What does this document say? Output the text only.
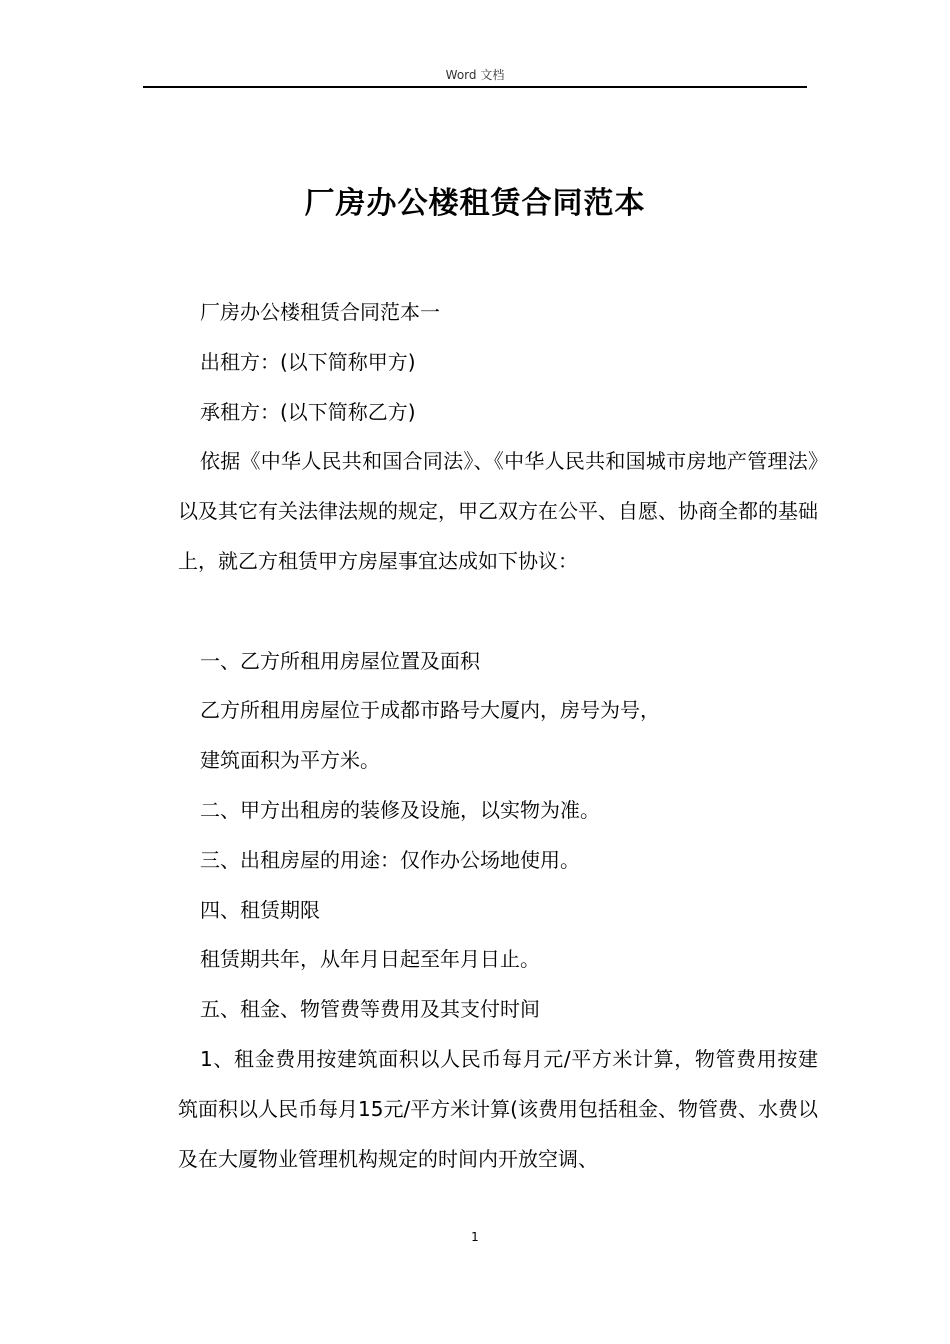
Word 文档
厂房办公楼租赁合同范本

厂房办公楼租赁合同范本一

出租方：(以下简称甲方)

承租方：(以下简称乙方)

依据《中华人民共和国合同法》、《中华人民共和国城市房地产管理法》以及其它有关法律法规的规定，甲乙双方在公平、自愿、协商全都的基础上，就乙方租赁甲方房屋事宜达成如下协议：

一、乙方所租用房屋位置及面积

乙方所租用房屋位于成都市路号大厦内，房号为号，

建筑面积为平方米。

二、甲方出租房的装修及设施，以实物为准。

三、出租房屋的用途：仅作办公场地使用。

四、租赁期限

租赁期共年，从年月日起至年月日止。

五、租金、物管费等费用及其支付时间

1、租金费用按建筑面积以人民币每月元/平方米计算，物管费用按建筑面积以人民币每月15元/平方米计算(该费用包括租金、物管费、水费以及在大厦物业管理机构规定的时间内开放空调、

1
